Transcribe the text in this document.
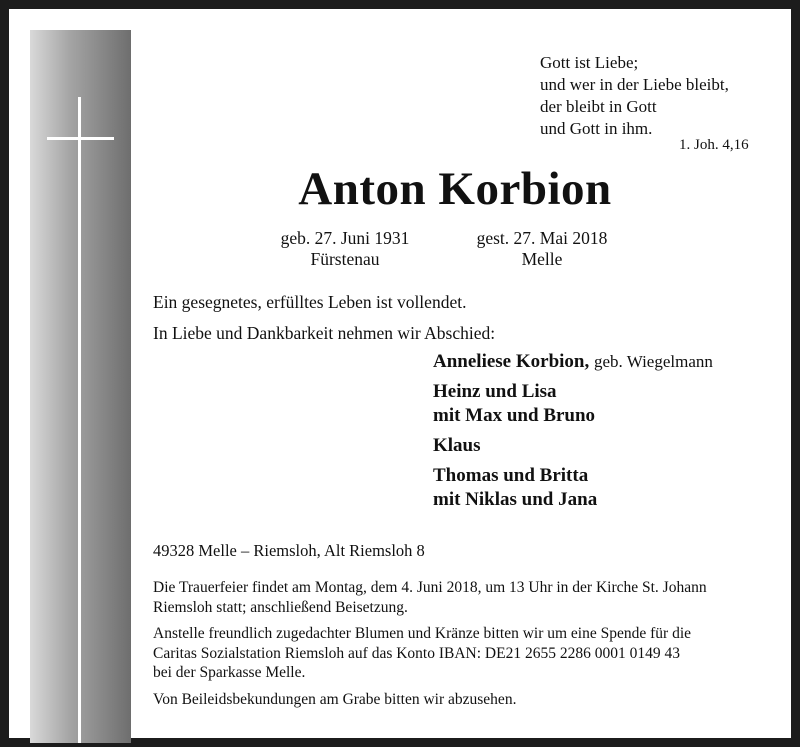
Gott ist Liebe;
und wer in der Liebe bleibt,
der bleibt in Gott
und Gott in ihm.
1. Joh. 4,16
Anton Korbion
geb. 27. Juni 1931
Fürstenau
gest. 27. Mai 2018
Melle
Ein gesegnetes, erfülltes Leben ist vollendet.
In Liebe und Dankbarkeit nehmen wir Abschied:
Anneliese Korbion, geb. Wiegelmann
Heinz und Lisa
mit Max und Bruno
Klaus
Thomas und Britta
mit Niklas und Jana
49328 Melle – Riemsloh, Alt Riemsloh 8
Die Trauerfeier findet am Montag, dem 4. Juni 2018, um 13 Uhr in der Kirche St. Johann
Riemsloh statt; anschließend Beisetzung.
Anstelle freundlich zugedachter Blumen und Kränze bitten wir um eine Spende für die
Caritas Sozialstation Riemsloh auf das Konto IBAN: DE21 2655 2286 0001 0149 43
bei der Sparkasse Melle.
Von Beileidsbekundungen am Grabe bitten wir abzusehen.
